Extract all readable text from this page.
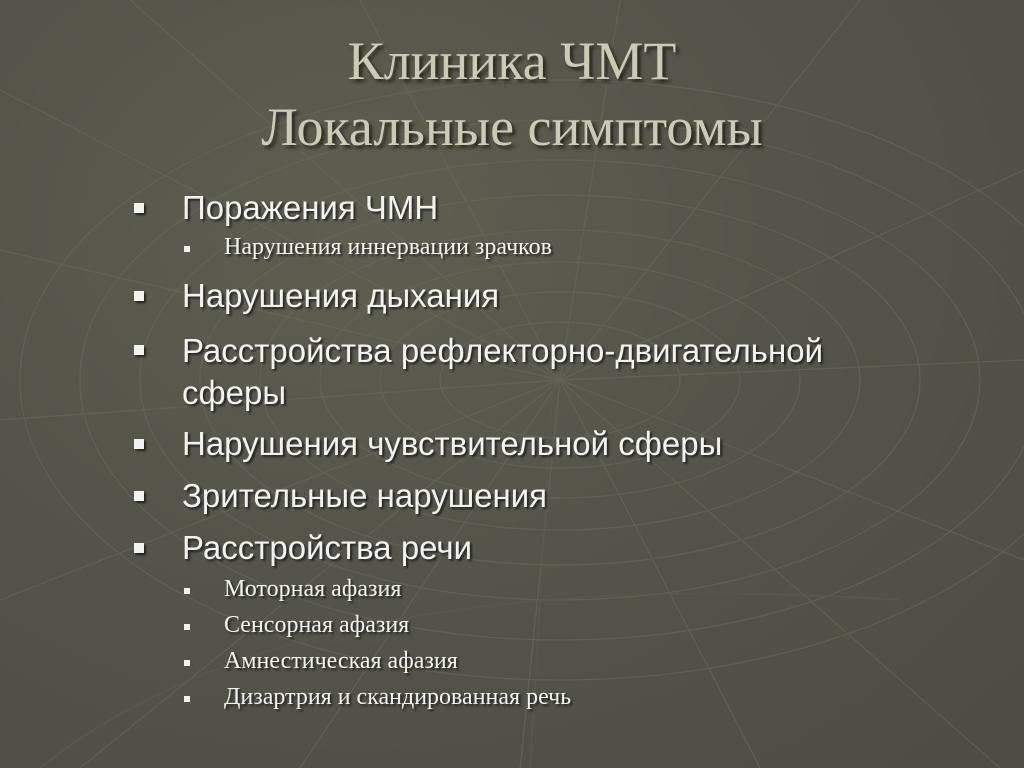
Клиника ЧМТ
Локальные симптомы
Поражения ЧМН
Нарушения иннервации зрачков
Нарушения дыхания
Расстройства рефлекторно-двигательной
сферы
Нарушения чувствительной сферы
Зрительные нарушения
Расстройства речи
Моторная афазия
Сенсорная афазия
Амнестическая афазия
Дизартрия и скандированная речь
